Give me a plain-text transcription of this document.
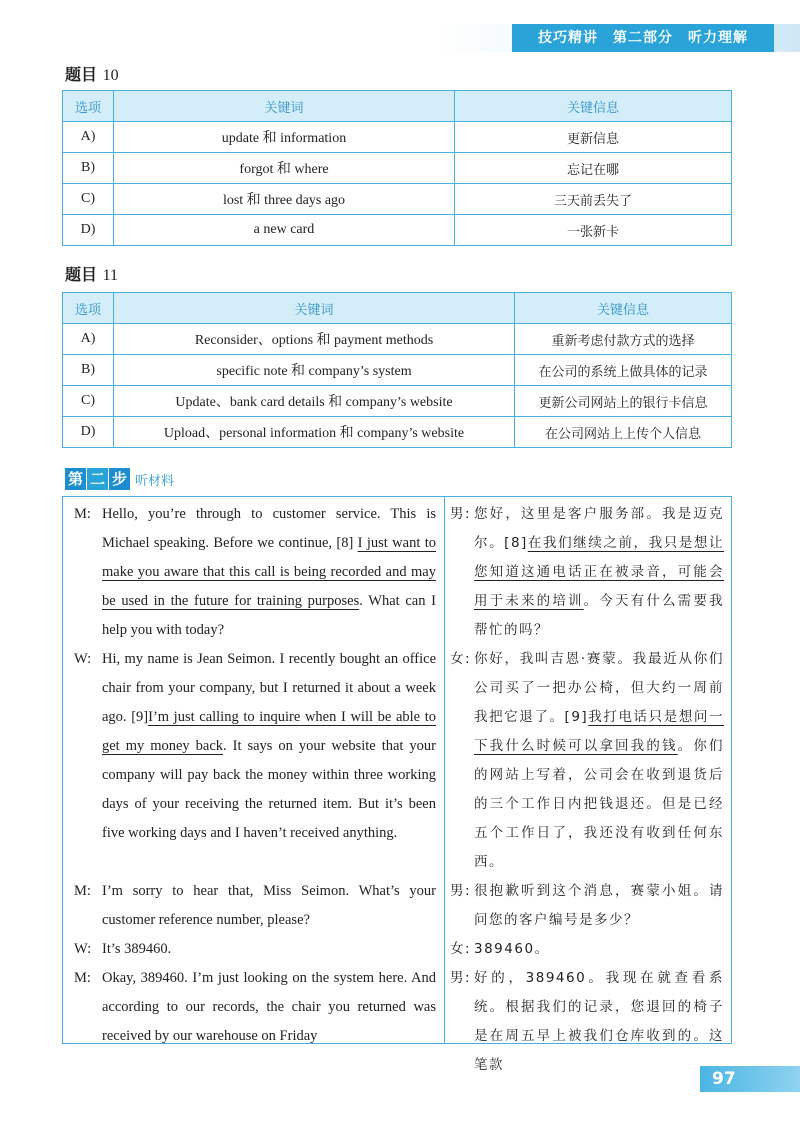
技巧精讲　第二部分　听力理解
题目 10
选项	关键词	关键信息
A)	update 和 information	更新信息
B)	forgot 和 where	忘记在哪
C)	lost 和 three days ago	三天前丢失了
D)	a new card	一张新卡
题目 11
选项	关键词	关键信息
A)	Reconsider、options 和 payment methods	重新考虑付款方式的选择
B)	specific note 和 company’s system	在公司的系统上做具体的记录
C)	Update、bank card details 和 company’s website	更新公司网站上的银行卡信息
D)	Upload、personal information 和 company’s website	在公司网站上上传个人信息
第 二 步 听材料
M: Hello, you’re through to customer service. This is Michael speaking. Before we continue, [8] I just want to make you aware that this call is being recorded and may be used in the future for training purposes. What can I help you with today?
W: Hi, my name is Jean Seimon. I recently bought an office chair from your company, but I returned it about a week ago. [9]I’m just calling to inquire when I will be able to get my money back. It says on your website that your company will pay back the money within three working days of your receiving the returned item. But it’s been five working days and I haven’t received anything.
M: I’m sorry to hear that, Miss Seimon. What’s your customer reference number, please?
W: It’s 389460.
M: Okay, 389460. I’m just looking on the system here. And according to our records, the chair you returned was received by our warehouse on Friday
男: 您好，这里是客户服务部。我是迈克尔。[8]在我们继续之前，我只是想让您知道这通电话正在被录音，可能会用于未来的培训。今天有什么需要我帮忙的吗？
女: 你好，我叫吉恩·赛蒙。我最近从你们公司买了一把办公椅，但大约一周前我把它退了。[9]我打电话只是想问一下我什么时候可以拿回我的钱。你们的网站上写着，公司会在收到退货后的三个工作日内把钱退还。但是已经五个工作日了，我还没有收到任何东西。
男: 很抱歉听到这个消息，赛蒙小姐。请问您的客户编号是多少？
女: 389460。
男: 好的，389460。我现在就查看系统。根据我们的记录，您退回的椅子是在周五早上被我们仓库收到的。这笔款
97
